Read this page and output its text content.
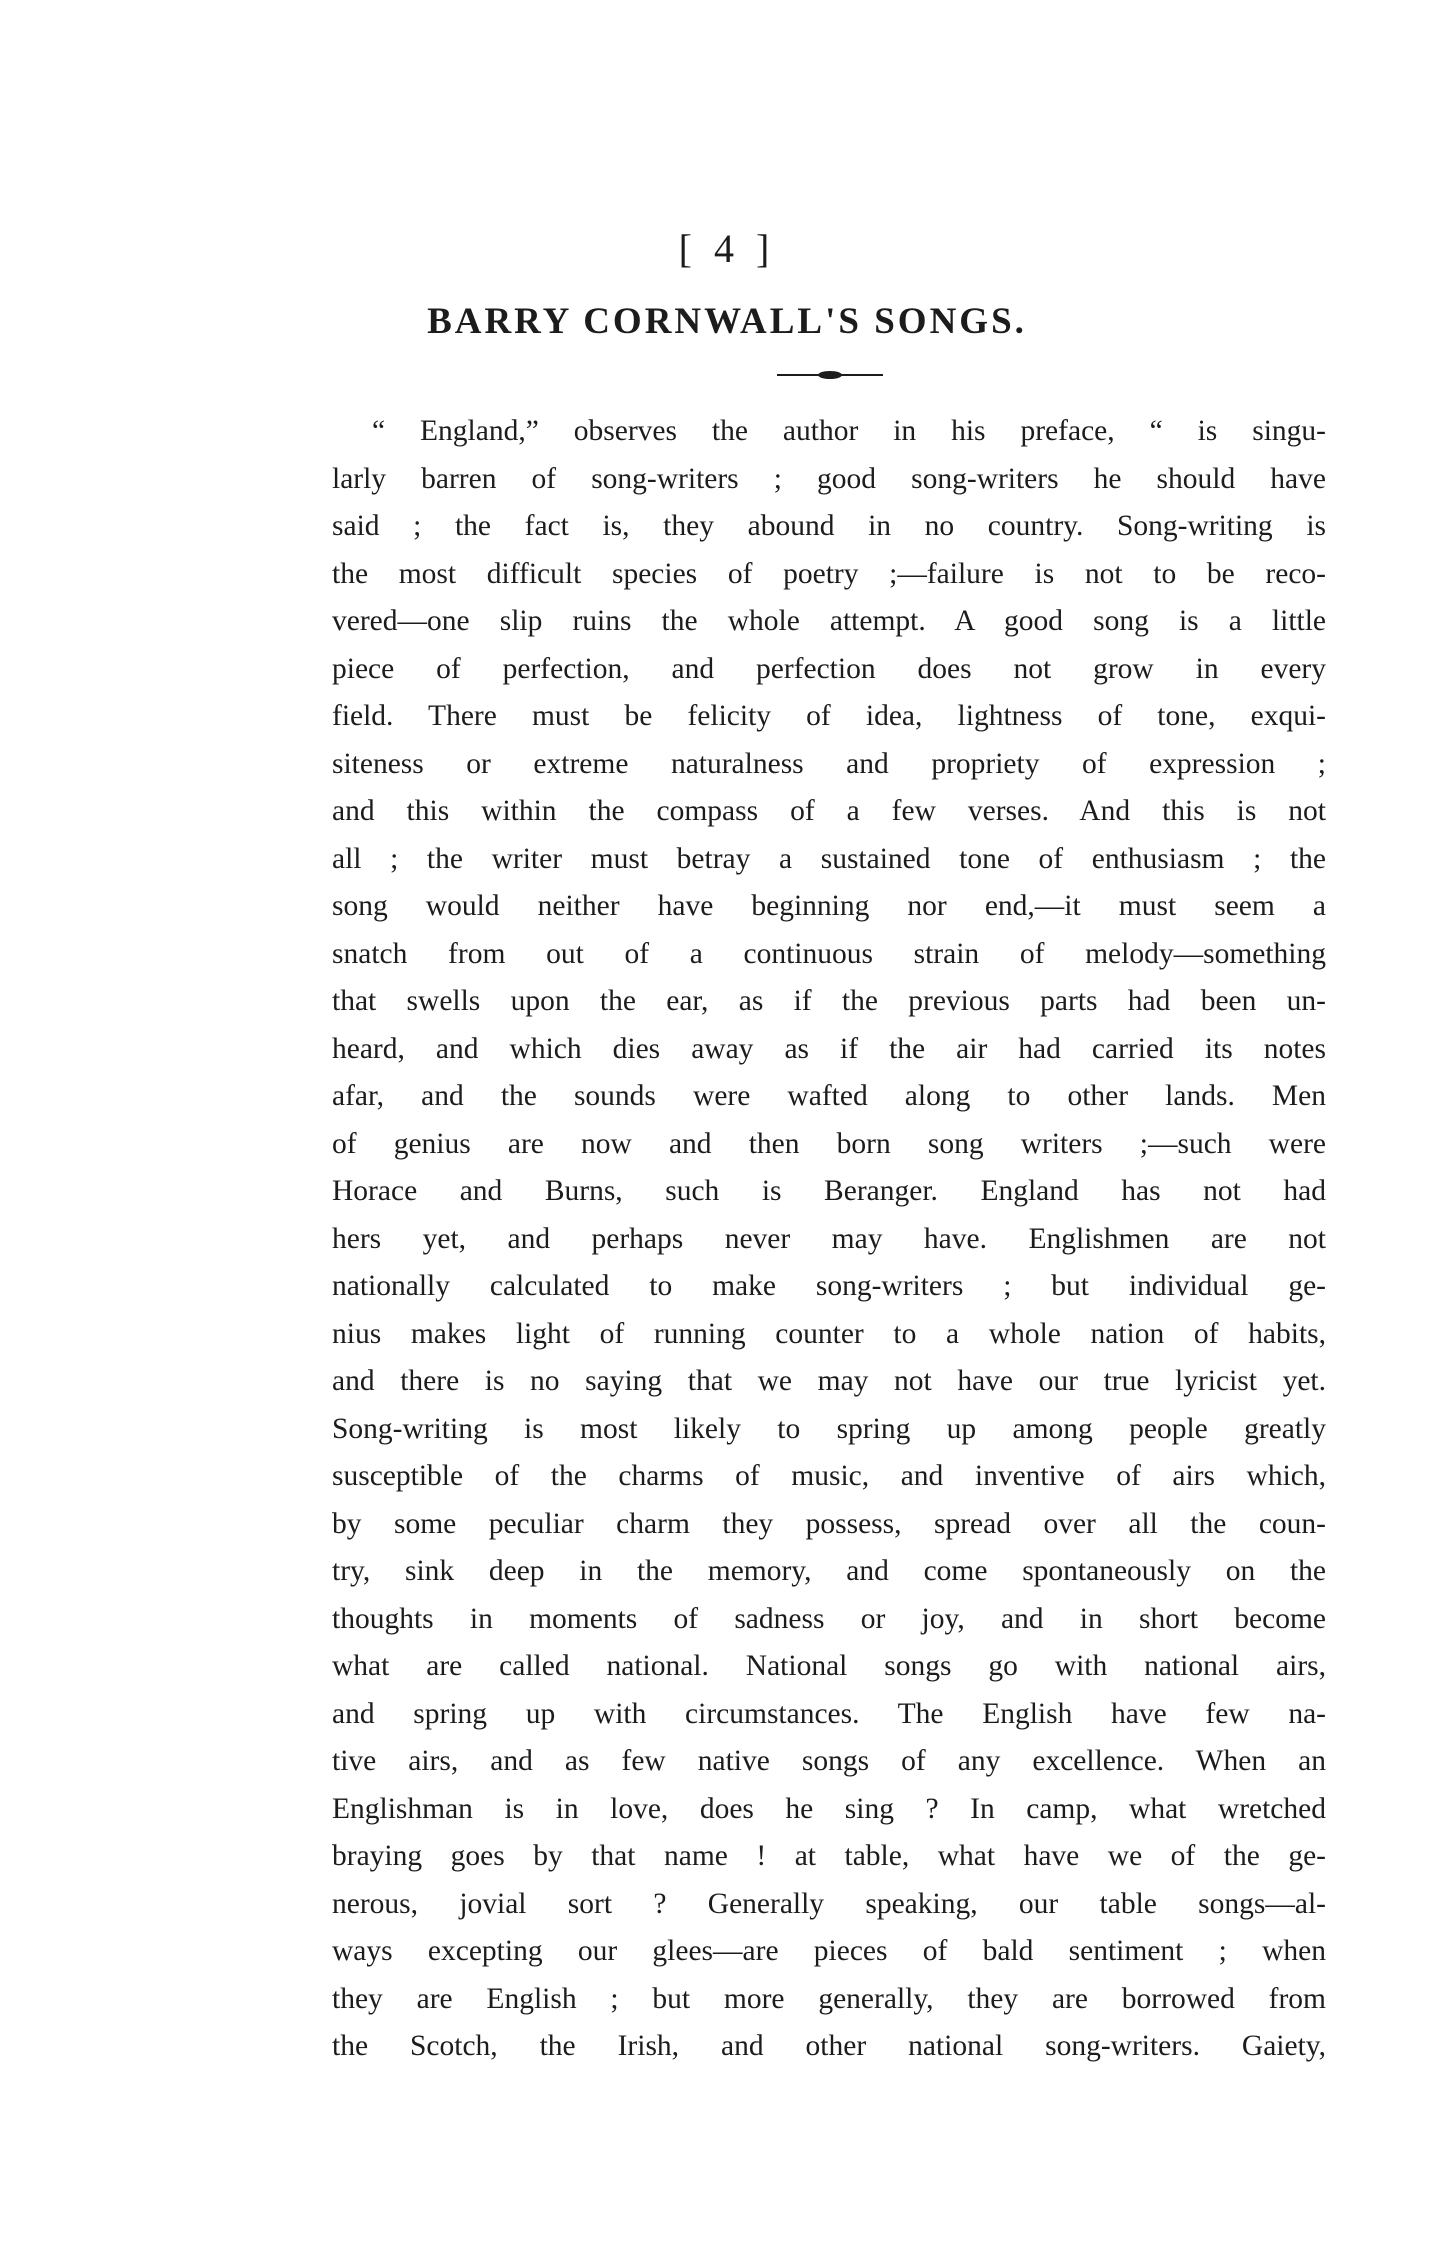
[ 4 ]
BARRY CORNWALL'S SONGS.
“ England,” observes the author in his preface, “ is singu-
larly barren of song-writers ; good song-writers he should have
said ; the fact is, they abound in no country. Song-writing is
the most difficult species of poetry ;—failure is not to be reco-
vered—one slip ruins the whole attempt. A good song is a little
piece of perfection, and perfection does not grow in every
field. There must be felicity of idea, lightness of tone, exqui-
siteness or extreme naturalness and propriety of expression ;
and this within the compass of a few verses. And this is not
all ; the writer must betray a sustained tone of enthusiasm ; the
song would neither have beginning nor end,—it must seem a
snatch from out of a continuous strain of melody—something
that swells upon the ear, as if the previous parts had been un-
heard, and which dies away as if the air had carried its notes
afar, and the sounds were wafted along to other lands. Men
of genius are now and then born song writers ;—such were
Horace and Burns, such is Beranger. England has not had
hers yet, and perhaps never may have. Englishmen are not
nationally calculated to make song-writers ; but individual ge-
nius makes light of running counter to a whole nation of habits,
and there is no saying that we may not have our true lyricist yet.
Song-writing is most likely to spring up among people greatly
susceptible of the charms of music, and inventive of airs which,
by some peculiar charm they possess, spread over all the coun-
try, sink deep in the memory, and come spontaneously on the
thoughts in moments of sadness or joy, and in short become
what are called national. National songs go with national airs,
and spring up with circumstances. The English have few na-
tive airs, and as few native songs of any excellence. When an
Englishman is in love, does he sing ? In camp, what wretched
braying goes by that name ! at table, what have we of the ge-
nerous, jovial sort ? Generally speaking, our table songs—al-
ways excepting our glees—are pieces of bald sentiment ; when
they are English ; but more generally, they are borrowed from
the Scotch, the Irish, and other national song-writers. Gaiety,
